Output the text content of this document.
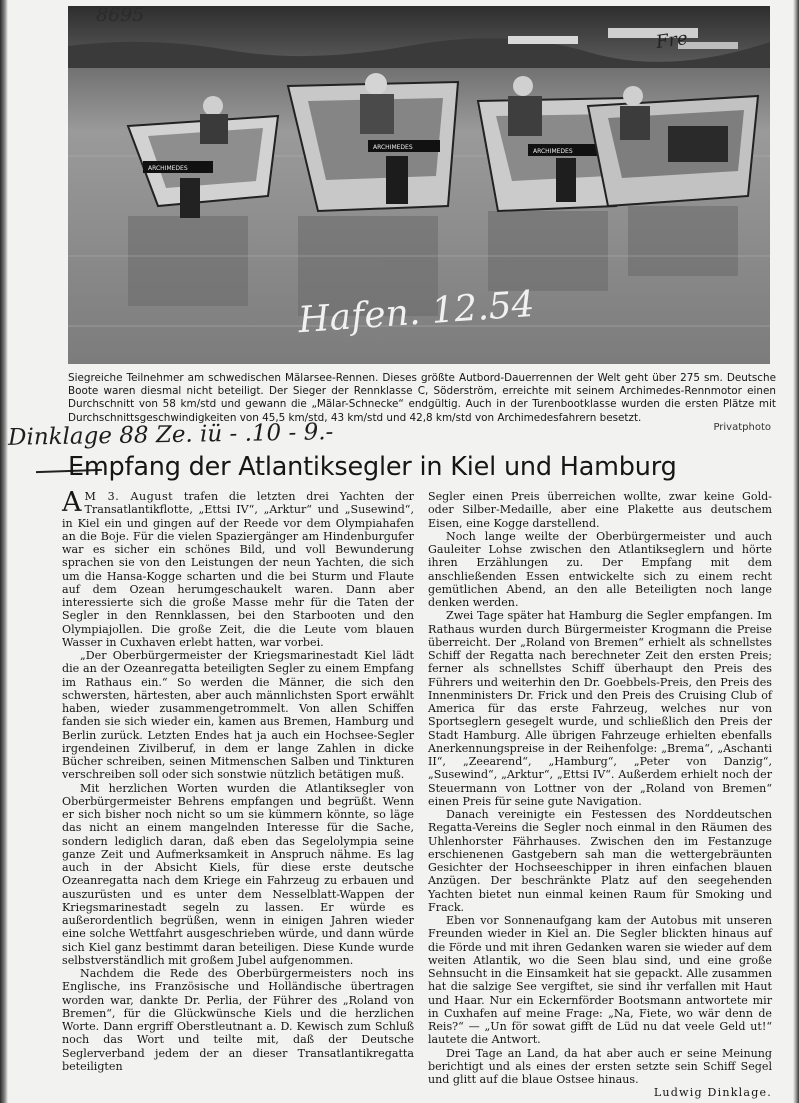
ARCHIMEDES
ARCHIMEDES
ARCHIMEDES
8695
Fre
Hafen. 12.54
Siegreiche Teilnehmer am schwedischen Mälarsee-Rennen. Dieses größte Autbord-Dauerrennen der Welt geht über 275 sm. Deutsche Boote waren diesmal nicht beteiligt. Der Sieger der Rennklasse C, Söderström, erreichte mit seinem Archimedes-Rennmotor einen Durchschnitt von 58 km/std und gewann die „Mälar-Schnecke“ endgültig. Auch in der Turenbootklasse wurden die ersten Plätze mit Durchschnittsgeschwindigkeiten von 45,5 km/std, 43 km/std und 42,8 km/std von Archimedesfahrern besetzt.
Privatphoto
Dinklage 88 Ze. iü - .10 - 9.-
Empfang der Atlantiksegler in Kiel und Hamburg

A M 3. August trafen die letzten drei Yachten der Transatlantikflotte, „Ettsi IV“, „Arktur“ und „Susewind“, in Kiel ein und gingen auf der Reede vor dem Olympiahafen an die Boje. Für die vielen Spaziergänger am Hindenburgufer war es sicher ein schönes Bild, und voll Bewunderung sprachen sie von den Leistungen der neun Yachten, die sich um die Hansa-Kogge scharten und die bei Sturm und Flaute auf dem Ozean herumgeschaukelt waren. Dann aber interessierte sich die große Masse mehr für die Taten der Segler in den Rennklassen, bei den Starbooten und den Olympiajollen. Die große Zeit, die die Leute vom blauen Wasser in Cuxhaven erlebt hatten, war vorbei.

„Der Oberbürgermeister der Kriegsmarinestadt Kiel lädt die an der Ozeanregatta beteiligten Segler zu einem Empfang im Rathaus ein.“ So werden die Männer, die sich den schwersten, härtesten, aber auch männlichsten Sport erwählt haben, wieder zusammengetrommelt. Von allen Schiffen fanden sie sich wieder ein, kamen aus Bremen, Hamburg und Berlin zurück. Letzten Endes hat ja auch ein Hochsee-Segler irgendeinen Zivilberuf, in dem er lange Zahlen in dicke Bücher schreiben, seinen Mitmenschen Salben und Tinkturen verschreiben soll oder sich sonstwie nützlich betätigen muß.

Mit herzlichen Worten wurden die Atlantiksegler von Oberbürgermeister Behrens empfangen und begrüßt. Wenn er sich bisher noch nicht so um sie kümmern könnte, so läge das nicht an einem mangelnden Interesse für die Sache, sondern lediglich daran, daß eben das Segelolympia seine ganze Zeit und Aufmerksamkeit in Anspruch nähme. Es lag auch in der Absicht Kiels, für diese erste deutsche Ozeanregatta nach dem Kriege ein Fahrzeug zu erbauen und auszurüsten und es unter dem Nesselblatt-Wappen der Kriegsmarinestadt segeln zu lassen. Er würde es außerordentlich begrüßen, wenn in einigen Jahren wieder eine solche Wettfahrt ausgeschrieben würde, und dann würde sich Kiel ganz bestimmt daran beteiligen. Diese Kunde wurde selbstverständlich mit großem Jubel aufgenommen.

Nachdem die Rede des Oberbürgermeisters noch ins Englische, ins Französische und Holländische übertragen worden war, dankte Dr. Perlia, der Führer des „Roland von Bremen“, für die Glückwünsche Kiels und die herzlichen Worte. Dann ergriff Oberstleutnant a. D. Kewisch zum Schluß noch das Wort und teilte mit, daß der Deutsche Seglerverband jedem der an dieser Transatlantikregatta beteiligten

Segler einen Preis überreichen wollte, zwar keine Gold- oder Silber-Medaille, aber eine Plakette aus deutschem Eisen, eine Kogge darstellend.

Noch lange weilte der Oberbürgermeister und auch Gauleiter Lohse zwischen den Atlantikseglern und hörte ihren Erzählungen zu. Der Empfang mit dem anschließenden Essen entwickelte sich zu einem recht gemütlichen Abend, an den alle Beteiligten noch lange denken werden.

Zwei Tage später hat Hamburg die Segler empfangen. Im Rathaus wurden durch Bürgermeister Krogmann die Preise überreicht. Der „Roland von Bremen“ erhielt als schnellstes Schiff der Regatta nach berechneter Zeit den ersten Preis; ferner als schnellstes Schiff überhaupt den Preis des Führers und weiterhin den Dr. Goebbels-Preis, den Preis des Innenministers Dr. Frick und den Preis des Cruising Club of America für das erste Fahrzeug, welches nur von Sportseglern gesegelt wurde, und schließlich den Preis der Stadt Hamburg. Alle übrigen Fahrzeuge erhielten ebenfalls Anerkennungspreise in der Reihenfolge: „Brema“, „Aschanti II“, „Zeearend“, „Hamburg“, „Peter von Danzig“, „Susewind“, „Arktur“, „Ettsi IV“. Außerdem erhielt noch der Steuermann von Lottner von der „Roland von Bremen“ einen Preis für seine gute Navigation.

Danach vereinigte ein Festessen des Norddeutschen Regatta-Vereins die Segler noch einmal in den Räumen des Uhlenhorster Fährhauses. Zwischen den im Festanzuge erschienenen Gastgebern sah man die wettergebräunten Gesichter der Hochseeschipper in ihren einfachen blauen Anzügen. Der beschränkte Platz auf den seegehenden Yachten bietet nun einmal keinen Raum für Smoking und Frack.

Eben vor Sonnenaufgang kam der Autobus mit unseren Freunden wieder in Kiel an. Die Segler blickten hinaus auf die Förde und mit ihren Gedanken waren sie wieder auf dem weiten Atlantik, wo die Seen blau sind, und eine große Sehnsucht in die Einsamkeit hat sie gepackt. Alle zusammen hat die salzige See vergiftet, sie sind ihr verfallen mit Haut und Haar. Nur ein Eckernförder Bootsmann antwortete mir in Cuxhafen auf meine Frage: „Na, Fiete, wo wär denn de Reis?“ — „Un för sowat gifft de Lüd nu dat veele Geld ut!“ lautete die Antwort.

Drei Tage an Land, da hat aber auch er seine Meinung berichtigt und als eines der ersten setzte sein Schiff Segel und glitt auf die blaue Ostsee hinaus.

Ludwig Dinklage.
